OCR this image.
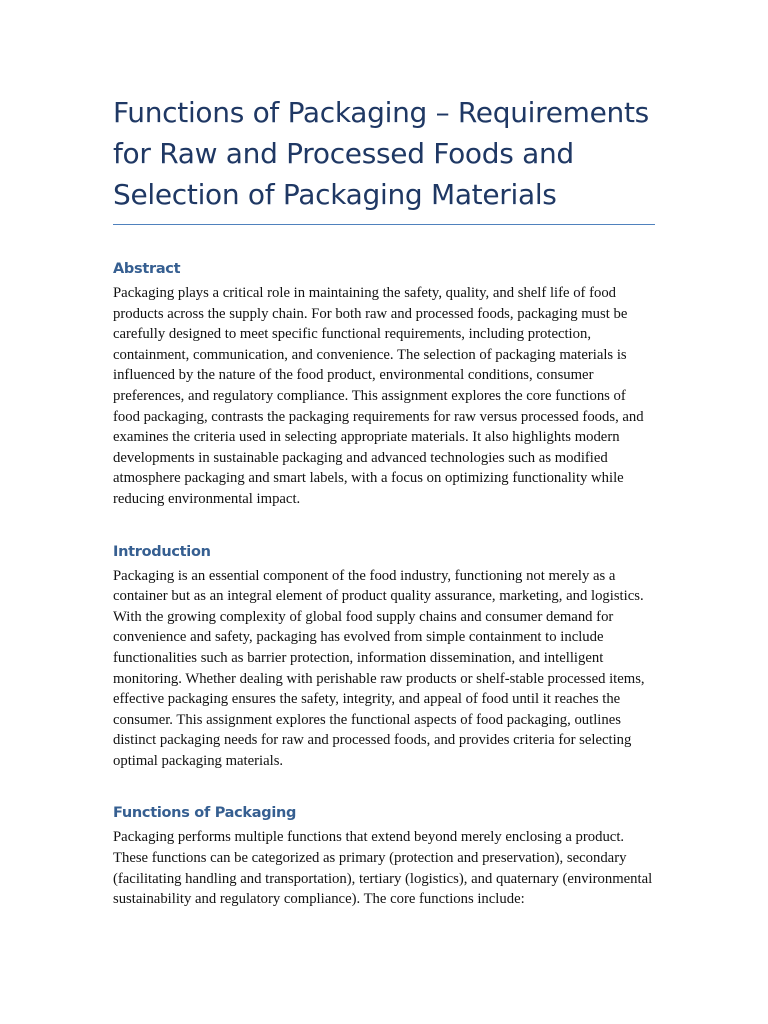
Functions of Packaging – Requirements
for Raw and Processed Foods and
Selection of Packaging Materials
Abstract

Packaging plays a critical role in maintaining the safety, quality, and shelf life of food products across the supply chain. For both raw and processed foods, packaging must be carefully designed to meet specific functional requirements, including protection, containment, communication, and convenience. The selection of packaging materials is influenced by the nature of the food product, environmental conditions, consumer preferences, and regulatory compliance. This assignment explores the core functions of food packaging, contrasts the packaging requirements for raw versus processed foods, and examines the criteria used in selecting appropriate materials. It also highlights modern developments in sustainable packaging and advanced technologies such as modified atmosphere packaging and smart labels, with a focus on optimizing functionality while reducing environmental impact.

Introduction

Packaging is an essential component of the food industry, functioning not merely as a container but as an integral element of product quality assurance, marketing, and logistics. With the growing complexity of global food supply chains and consumer demand for convenience and safety, packaging has evolved from simple containment to include functionalities such as barrier protection, information dissemination, and intelligent monitoring. Whether dealing with perishable raw products or shelf-stable processed items, effective packaging ensures the safety, integrity, and appeal of food until it reaches the consumer. This assignment explores the functional aspects of food packaging, outlines distinct packaging needs for raw and processed foods, and provides criteria for selecting optimal packaging materials.

Functions of Packaging

Packaging performs multiple functions that extend beyond merely enclosing a product. These functions can be categorized as primary (protection and preservation), secondary (facilitating handling and transportation), tertiary (logistics), and quaternary (environmental sustainability and regulatory compliance). The core functions include:
